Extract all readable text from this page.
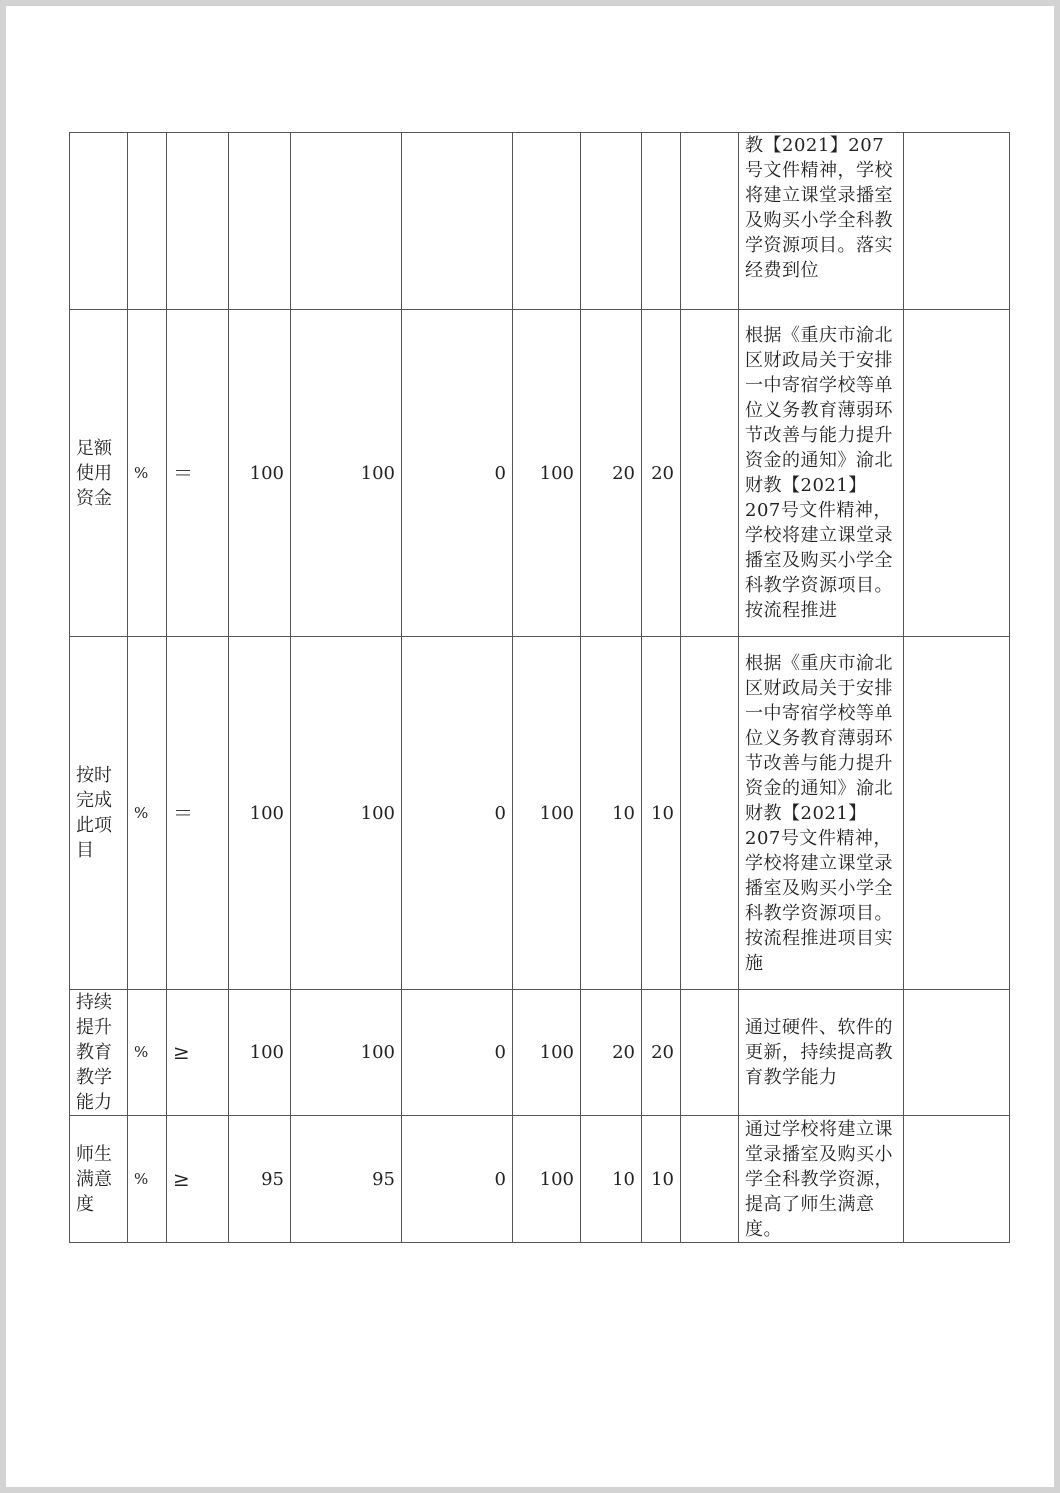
										教【2021】207号文件精神，学校将建立课堂录播室及购买小学全科教学资源项目。落实经费到位	
足额使用资金	%	＝	100	100	0	100	20	20		根据《重庆市渝北区财政局关于安排一中寄宿学校等单位义务教育薄弱环节改善与能力提升资金的通知》渝北财教【2021】207号文件精神，学校将建立课堂录播室及购买小学全科教学资源项目。按流程推进	
按时完成此项目	%	＝	100	100	0	100	10	10		根据《重庆市渝北区财政局关于安排一中寄宿学校等单位义务教育薄弱环节改善与能力提升资金的通知》渝北财教【2021】207号文件精神，学校将建立课堂录播室及购买小学全科教学资源项目。按流程推进项目实施	
持续提升教育教学能力	%	≥	100	100	0	100	20	20		通过硬件、软件的更新，持续提高教育教学能力	
师生满意度	%	≥	95	95	0	100	10	10		通过学校将建立课堂录播室及购买小学全科教学资源，提高了师生满意度。	
